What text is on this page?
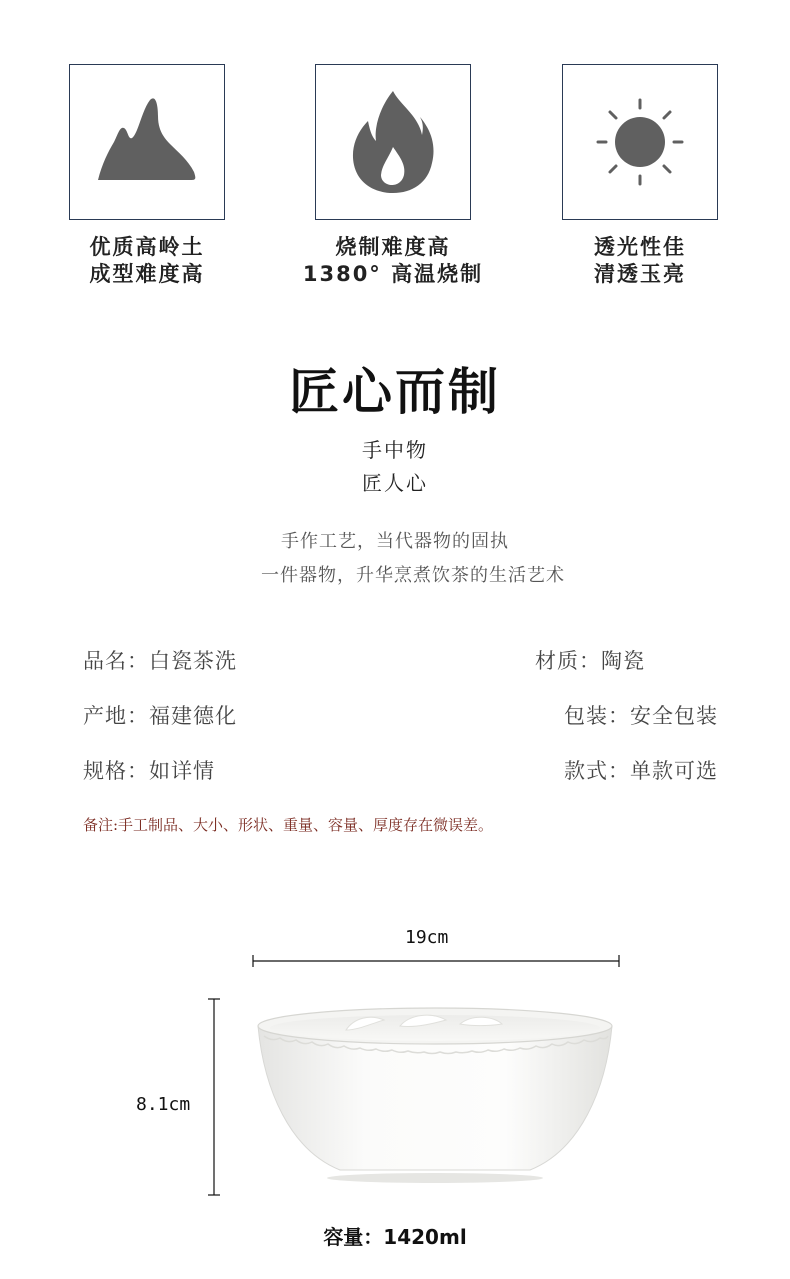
优质高岭土
成型难度高
烧制难度高
1380° 高温烧制
透光性佳
清透玉亮
匠心而制
手中物
匠人心
手作工艺，当代器物的固执
一件器物，升华烹煮饮茶的生活艺术
品名：白瓷茶洗	材质：陶瓷
产地：福建德化	包装：安全包装
规格：如详情	款式：单款可选
备注:手工制品、大小、形状、重量、容量、厚度存在微误差。
19cm
8.1cm
容量：1420ml
